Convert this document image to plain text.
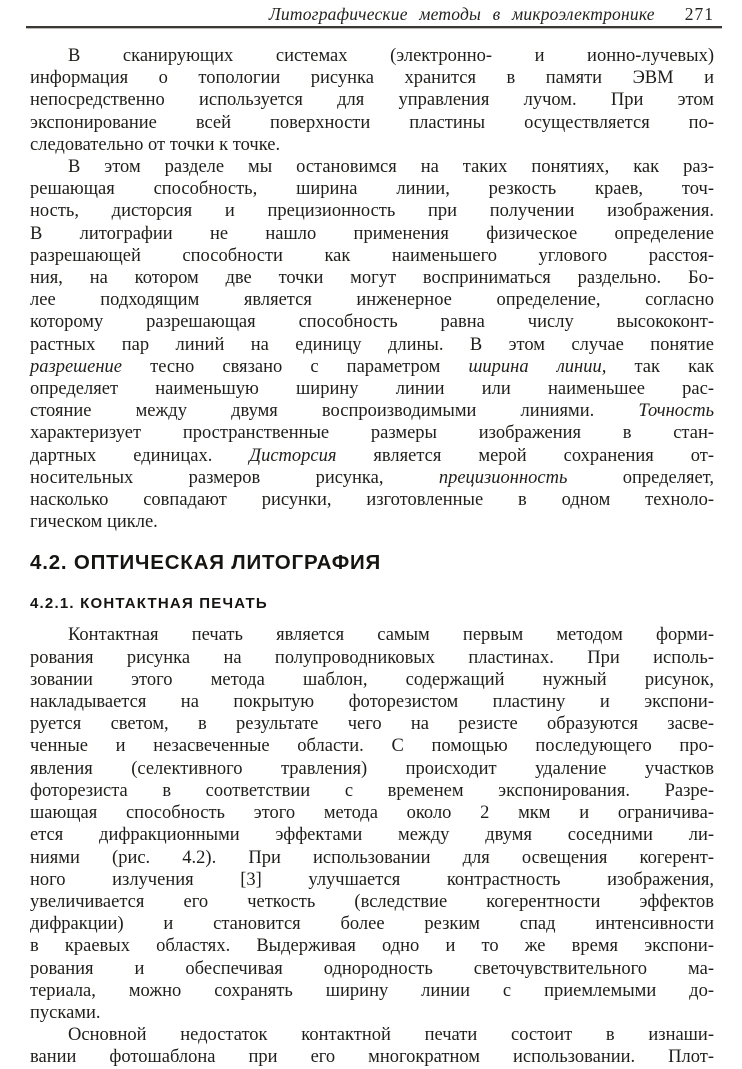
Литографические методы в микроэлектронике 271
В сканирующих системах (электронно- и ионно-лучевых)
информация о топологии рисунка хранится в памяти ЭВМ и
непосредственно используется для управления лучом. При этом
экспонирование всей поверхности пластины осуществляется по-
следовательно от точки к точке.
В этом разделе мы остановимся на таких понятиях, как раз-
решающая способность, ширина линии, резкость краев, точ-
ность, дисторсия и прецизионность при получении изображения.
В литографии не нашло применения физическое определение
разрешающей способности как наименьшего углового расстоя-
ния, на котором две точки могут восприниматься раздельно. Бо-
лее подходящим является инженерное определение, согласно
которому разрешающая способность равна числу высококонт-
растных пар линий на единицу длины. В этом случае понятие
разрешение тесно связано с параметром ширина линии, так как
определяет наименьшую ширину линии или наименьшее рас-
стояние между двумя воспроизводимыми линиями. Точность
характеризует пространственные размеры изображения в стан-
дартных единицах. Дисторсия является мерой сохранения от-
носительных размеров рисунка, прецизионность определяет,
насколько совпадают рисунки, изготовленные в одном техноло-
гическом цикле.
4.2. ОПТИЧЕСКАЯ ЛИТОГРАФИЯ
4.2.1. КОНТАКТНАЯ ПЕЧАТЬ
Контактная печать является самым первым методом форми-
рования рисунка на полупроводниковых пластинах. При исполь-
зовании этого метода шаблон, содержащий нужный рисунок,
накладывается на покрытую фоторезистом пластину и экспони-
руется светом, в результате чего на резисте образуются засве-
ченные и незасвеченные области. С помощью последующего про-
явления (селективного травления) происходит удаление участков
фоторезиста в соответствии с временем экспонирования. Разре-
шающая способность этого метода около 2 мкм и ограничива-
ется дифракционными эффектами между двумя соседними ли-
ниями (рис. 4.2). При использовании для освещения когерент-
ного излучения [3] улучшается контрастность изображения,
увеличивается его четкость (вследствие когерентности эффектов
дифракции) и становится более резким спад интенсивности
в краевых областях. Выдерживая одно и то же время экспони-
рования и обеспечивая однородность светочувствительного ма-
териала, можно сохранять ширину линии с приемлемыми до-
пусками.
Основной недостаток контактной печати состоит в изнаши-
вании фотошаблона при его многократном использовании. Плот-
